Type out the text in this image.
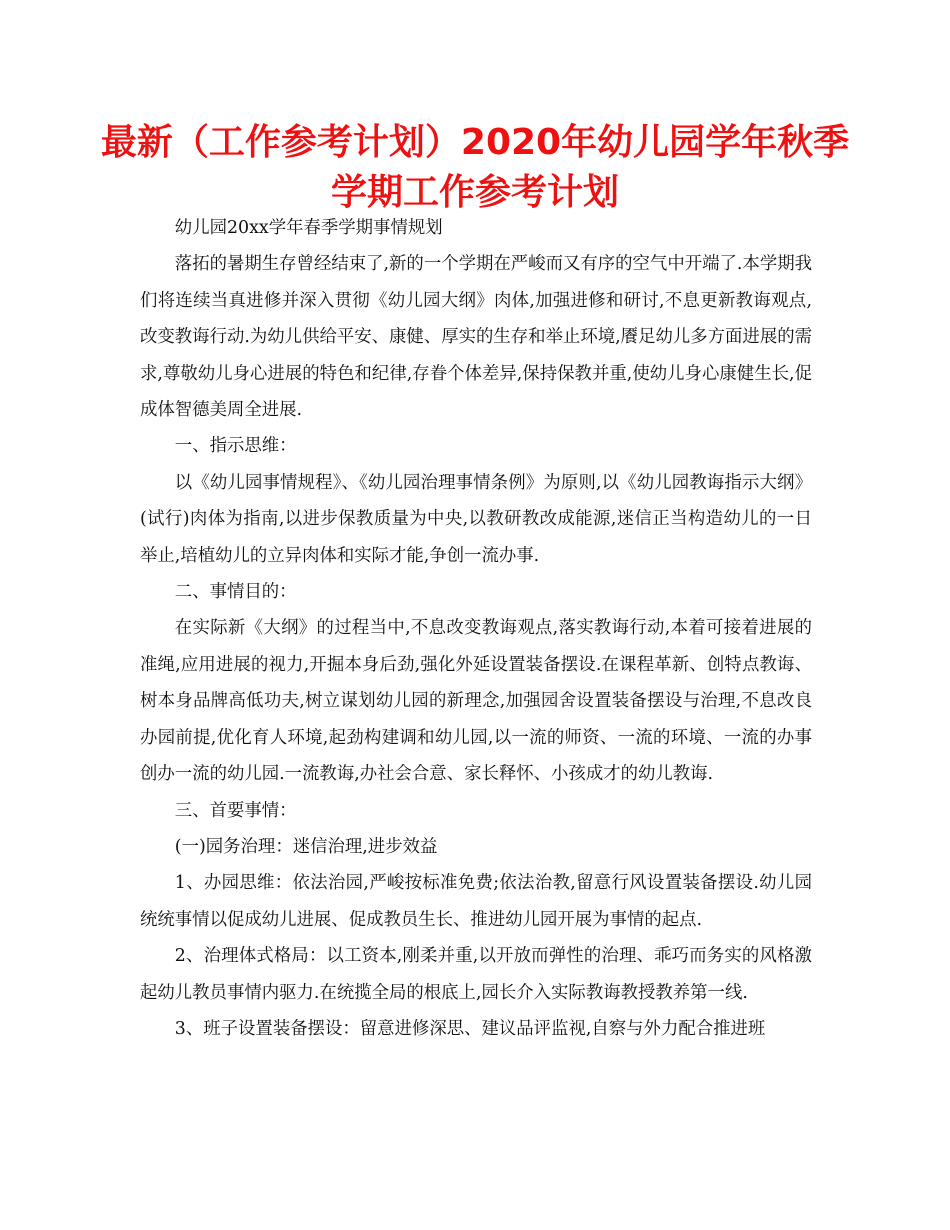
最新（工作参考计划）2020年幼儿园学年秋季学期工作参考计划

幼儿园20xx学年春季学期事情规划

落拓的暑期生存曾经结束了,新的一个学期在严峻而又有序的空气中开端了.本学期我们将连续当真进修并深入贯彻《幼儿园大纲》肉体,加强进修和研讨,不息更新教诲观点,改变教诲行动.为幼儿供给平安、康健、厚实的生存和举止环境,餍足幼儿多方面进展的需求,尊敬幼儿身心进展的特色和纪律,存眷个体差异,保持保教并重,使幼儿身心康健生长,促成体智德美周全进展.

一、指示思维：

以《幼儿园事情规程》、《幼儿园治理事情条例》为原则,以《幼儿园教诲指示大纲》(试行)肉体为指南,以进步保教质量为中央,以教研教改成能源,迷信正当构造幼儿的一日举止,培植幼儿的立异肉体和实际才能,争创一流办事.

二、事情目的：

在实际新《大纲》的过程当中,不息改变教诲观点,落实教诲行动,本着可接着进展的准绳,应用进展的视力,开掘本身后劲,强化外延设置装备摆设.在课程革新、创特点教诲、树本身品牌高低功夫,树立谋划幼儿园的新理念,加强园舍设置装备摆设与治理,不息改良办园前提,优化育人环境,起劲构建调和幼儿园,以一流的师资、一流的环境、一流的办事创办一流的幼儿园.一流教诲,办社会合意、家长释怀、小孩成才的幼儿教诲.

三、首要事情：

(一)园务治理：迷信治理,进步效益

1、办园思维：依法治园,严峻按标准免费;依法治教,留意行风设置装备摆设.幼儿园统统事情以促成幼儿进展、促成教员生长、推进幼儿园开展为事情的起点.

2、治理体式格局：以工资本,刚柔并重,以开放而弹性的治理、乖巧而务实的风格激起幼儿教员事情内驱力.在统揽全局的根底上,园长介入实际教诲教授教养第一线.

3、班子设置装备摆设：留意进修深思、建议品评监视,自察与外力配合推进班
